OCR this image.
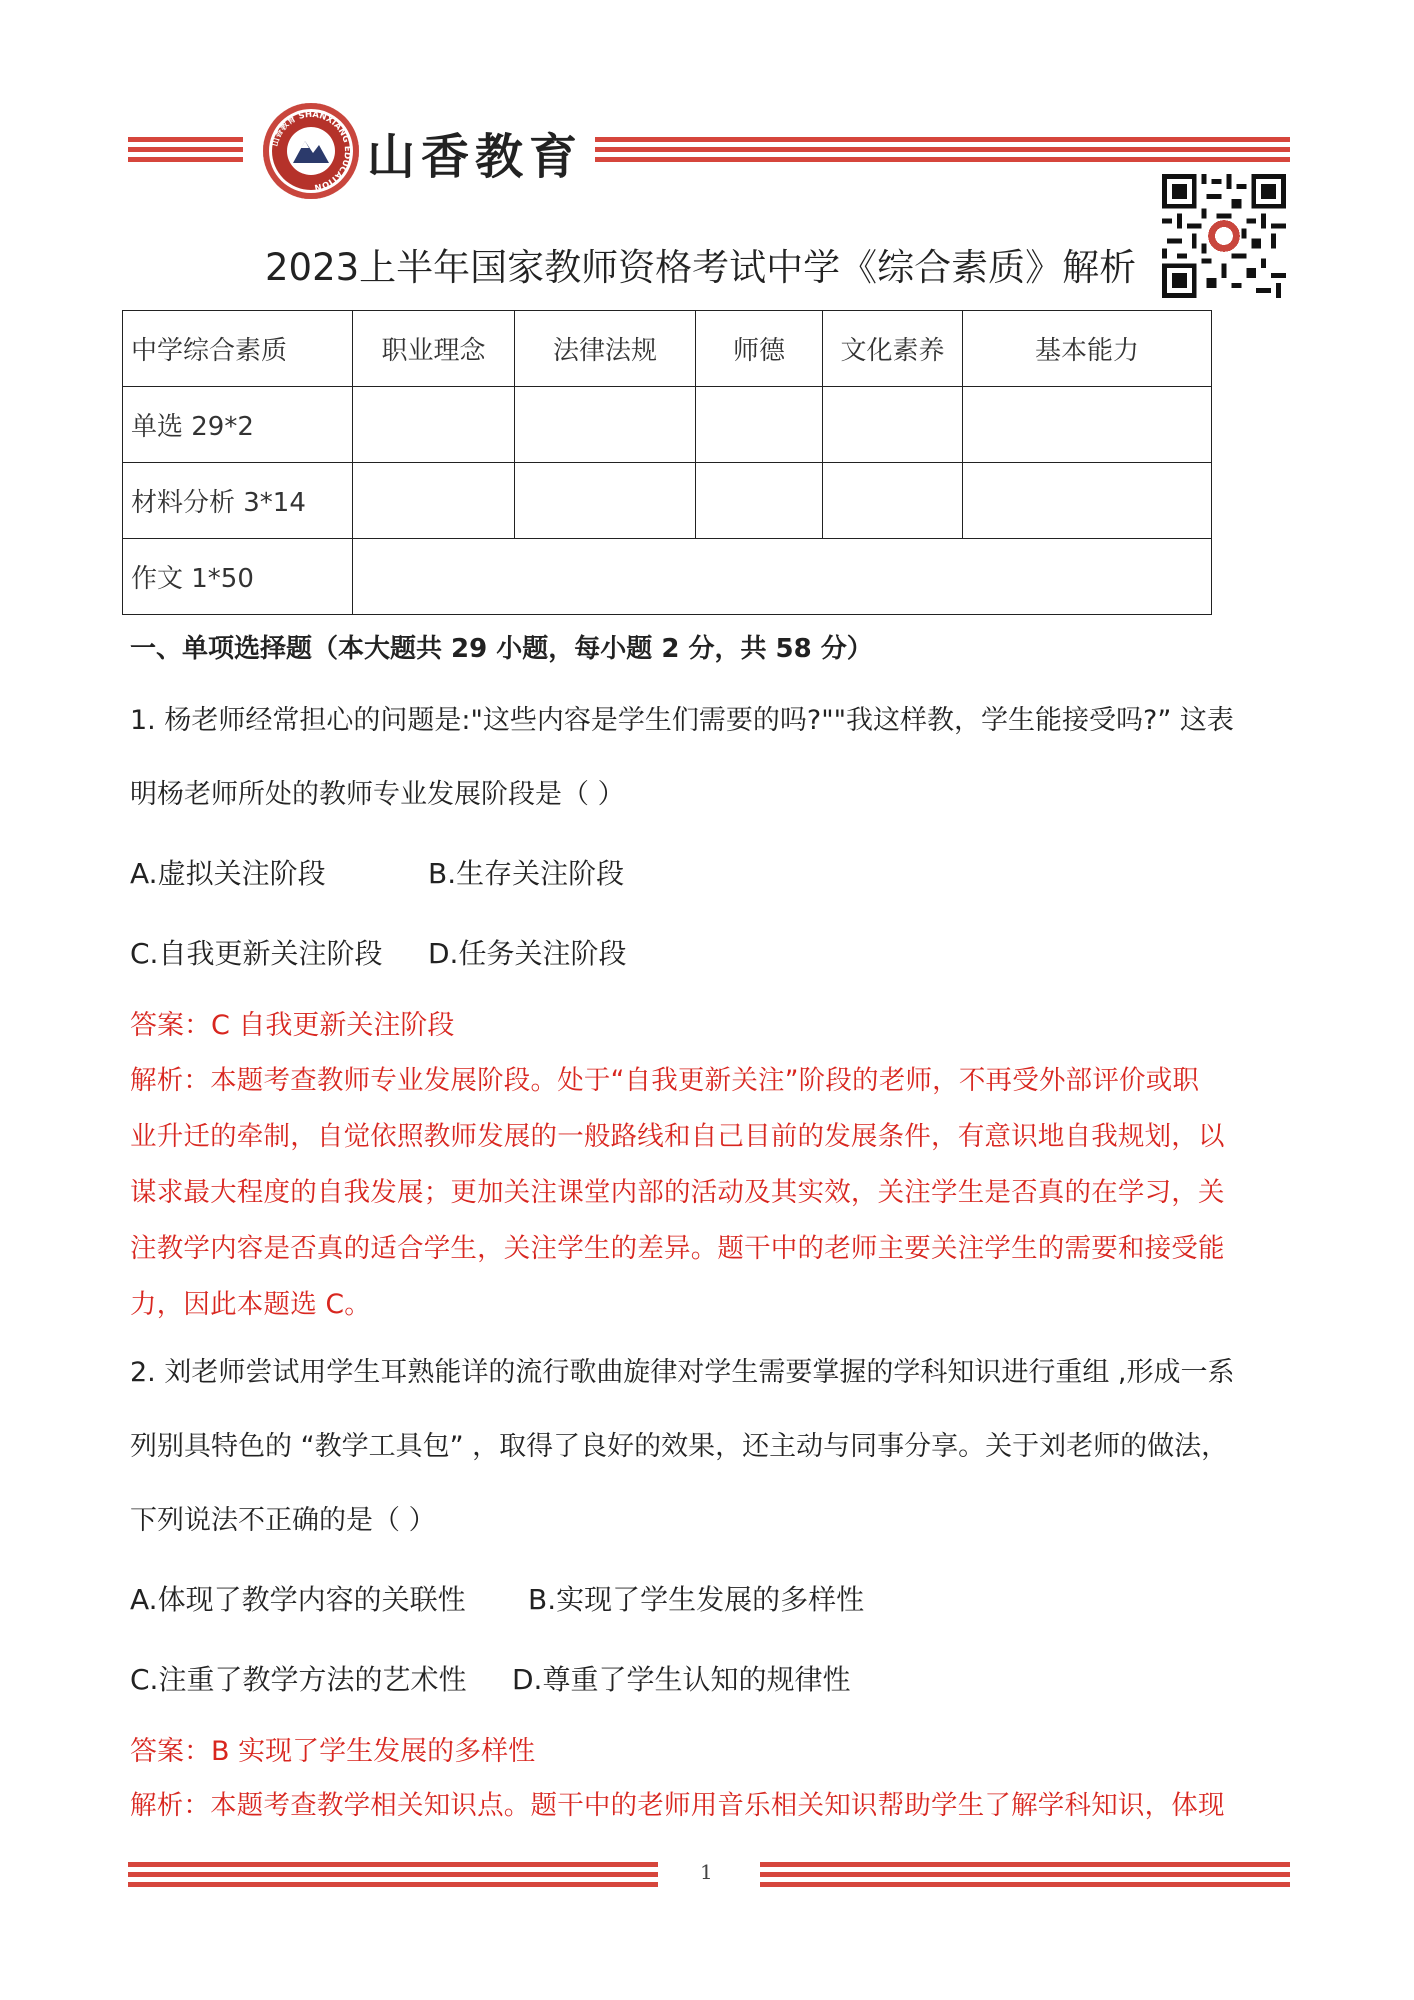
山香教育 SHANXIANG EDUCATION
山香教育
2023上半年国家教师资格考试中学《综合素质》解析
中学综合素质	职业理念	法律法规	师德	文化素养	基本能力
单选 29*2					
材料分析 3*14					
作文 1*50					
一、单项选择题（本大题共 29 小题，每小题 2 分，共 58 分）
1. 杨老师经常担心的问题是:"这些内容是学生们需要的吗?""我这样教，学生能接受吗?” 这表
明杨老师所处的教师专业发展阶段是（ ）
A.虚拟关注阶段	B.生存关注阶段
C.自我更新关注阶段 D.任务关注阶段
答案：C 自我更新关注阶段
解析：本题考查教师专业发展阶段。处于“自我更新关注”阶段的老师，不再受外部评价或职
业升迁的牵制，自觉依照教师发展的一般路线和自己目前的发展条件，有意识地自我规划，以
谋求最大程度的自我发展；更加关注课堂内部的活动及其实效，关注学生是否真的在学习，关
注教学内容是否真的适合学生，关注学生的差异。题干中的老师主要关注学生的需要和接受能
力，因此本题选 C。
2. 刘老师尝试用学生耳熟能详的流行歌曲旋律对学生需要掌握的学科知识进行重组 ,形成一系
列别具特色的 “教学工具包” ，取得了良好的效果，还主动与同事分享。关于刘老师的做法，
下列说法不正确的是（ ）
A.体现了教学内容的关联性 B.实现了学生发展的多样性
C.注重了教学方法的艺术性 D.尊重了学生认知的规律性
答案：B 实现了学生发展的多样性
解析：本题考查教学相关知识点。题干中的老师用音乐相关知识帮助学生了解学科知识，体现
1
